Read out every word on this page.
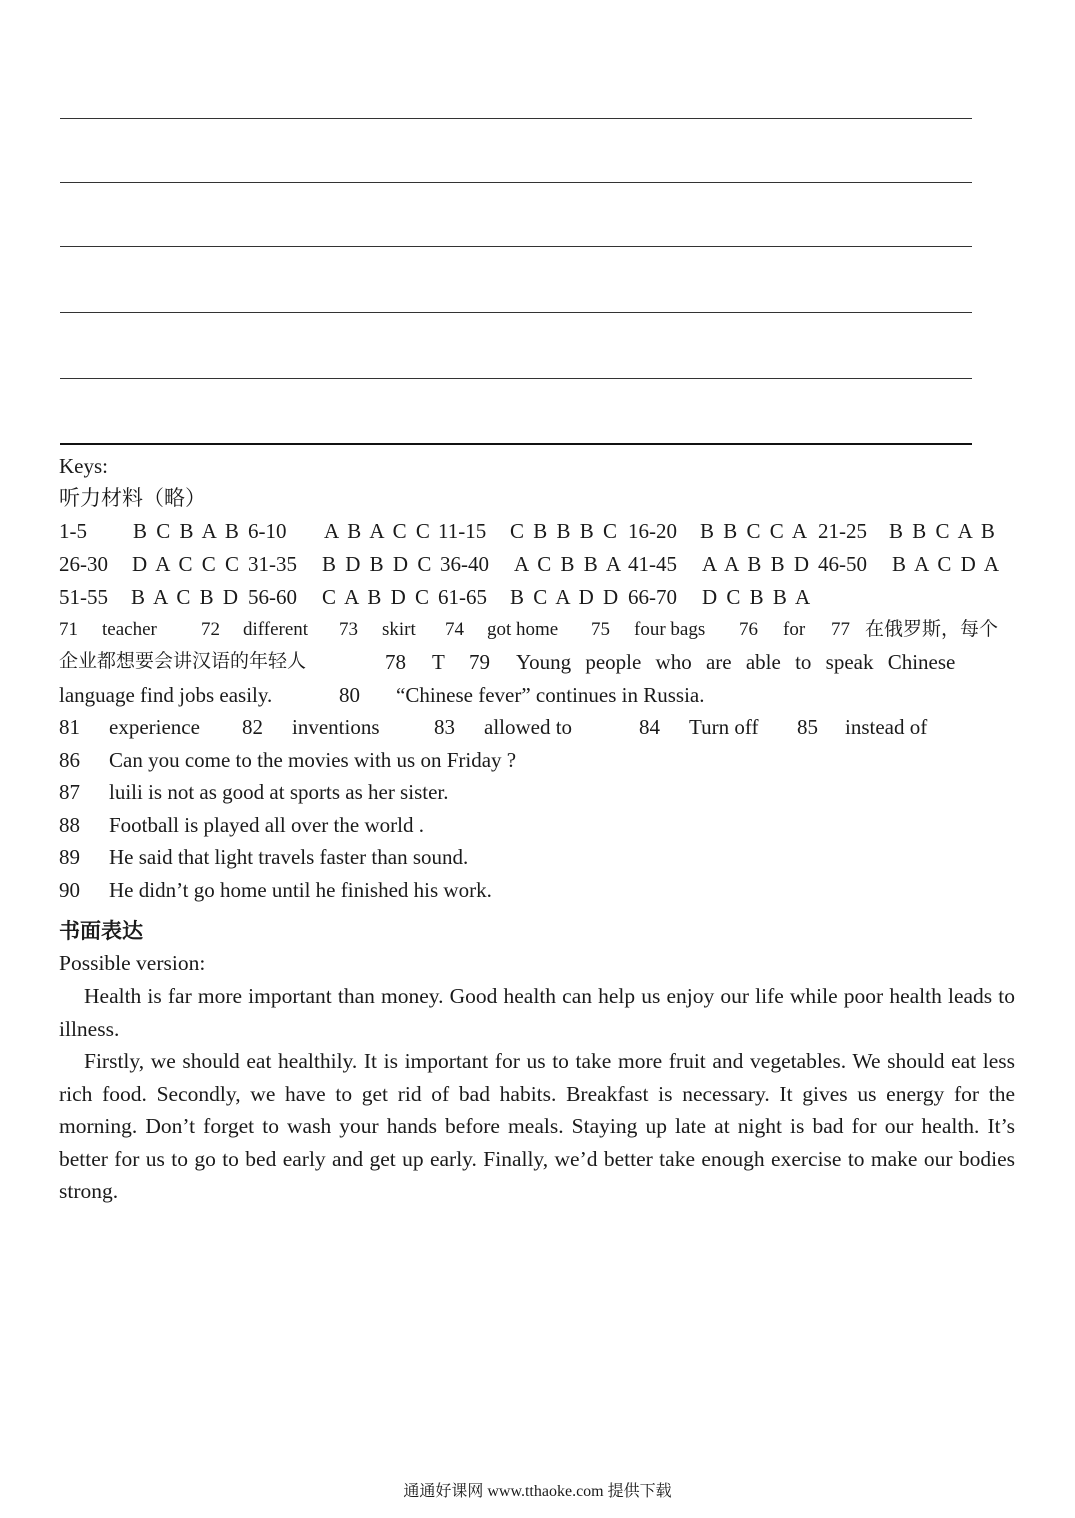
Keys:
听力材料（略）
1-5 B C B A B 6-10 A B A C C 11-15 C B B B C 16-20 B B C C A 21-25 B B C A B
26-30 D A C C C 31-35 B D B D C 36-40 A C B B A 41-45 A A B B D 46-50 B A C D A
51-55 B A C B D 56-60 C A B D C 61-65 B C A D D 66-70 D C B B A
71 teacher 72 different 73 skirt 74 got home 75 four bags 76 for 77 在俄罗斯，每个
企业都想要会讲汉语的年轻人	78 T 79 Young people who are able to speak Chinese
language find jobs easily.	80 “Chinese fever” continues in Russia.
81 experience 82 inventions	83 allowed to	84 Turn off 85 instead of
86 Can you come to the movies with us on Friday ?
87 luili is not as good at sports as her sister.
88 Football is played all over the world .
89 He said that light travels faster than sound.
90 He didn’t go home until he finished his work.
书面表达
Possible version:
Health is far more important than money. Good health can help us enjoy our life while poor health leads to illness.
Firstly, we should eat healthily. It is important for us to take more fruit and vegetables. We should eat less rich food. Secondly, we have to get rid of bad habits. Breakfast is necessary. It gives us energy for the morning. Don’t forget to wash your hands before meals. Staying up late at night is bad for our health. It’s better for us to go to bed early and get up early. Finally, we’d better take enough exercise to make our bodies strong.
通通好课网 www.tthaoke.com 提供下载
